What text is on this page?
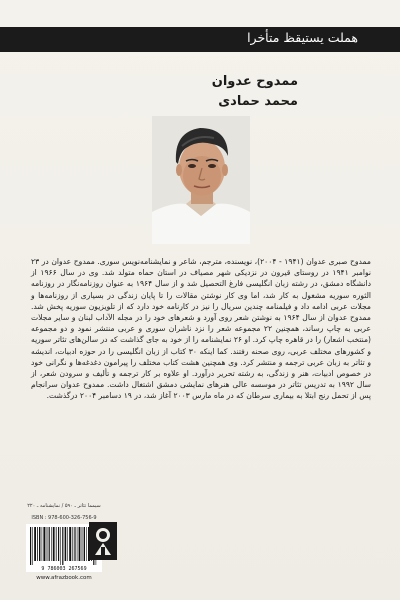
هملت یستیقظ متأخرا
ممدوح عدوان
محمد حمادی

ممدوح صبری عدوان (۱۹۴۱ - ۲۰۰۴)، نویسنده، مترجم، شاعر و نمایشنامه‌نویس سوری. ممدوح عدوان در ۲۳ نوامبر ۱۹۴۱ در روستای قیرون در نزدیکی شهر مصیاف در استان حماه متولد شد. وی در سال ۱۹۶۶ از دانشگاه دمشق، در رشته زبان انگلیسی فارغ التحصیل شد و از سال ۱۹۶۴ به عنوان روزنامه‌نگار در روزنامه الثوره سوریه مشغول به کار شد، اما وی کار نوشتن مقالات را تا پایان زندگی در بسیاری از روزنامه‌ها و مجلات عربی ادامه داد و فیلمنامه چندین سریال را نیز در کارنامه خود دارد که از تلویزیون سوریه پخش شد. ممدوح عدوان از سال ۱۹۶۴ به نوشتن شعر روی آورد و شعرهای خود را در مجله الآداب لبنان و سایر مجلات عربی به چاپ رساند، همچنین ۲۲ مجموعه شعر را نزد ناشران سوری و عربی منتشر نمود و دو مجموعه (منتخب اشعار) را در قاهره چاپ کرد. او ۲۶ نمایشنامه را از خود به جای گذاشت که در سالن‌های تئاتر سوریه و کشورهای مختلف عربی، روی صحنه رفتند. کما اینکه ۳۰ کتاب از زبان انگلیسی را در حوزه ادبیات، اندیشه و تئاتر به زبان عربی ترجمه و منتشر کرد. وی همچنین هشت کتاب مختلف را پیرامون دغدغه‌ها و نگرانی خود در خصوص ادبیات، هنر و زندگی، به رشته تحریر درآورد. او علاوه بر کار ترجمه و تألیف و سرودن شعر، از سال ۱۹۹۲ به تدریس تئاتر در موسسه عالی هنرهای نمایشی دمشق اشتغال داشت. ممدوح عدوان سرانجام پس از تحمل رنج ابتلا به بیماری سرطان که در ماه مارس ۲۰۰۳ آغاز شد، در ۱۹ دسامبر ۲۰۰۴ درگذشت.

سیمما تئاتر ـ ۵۹۰ / نمایشنامه ـ ۲۲۰
ISBN : 978-600-326-756-9
9 786003 267569
www.afrazbook.com
